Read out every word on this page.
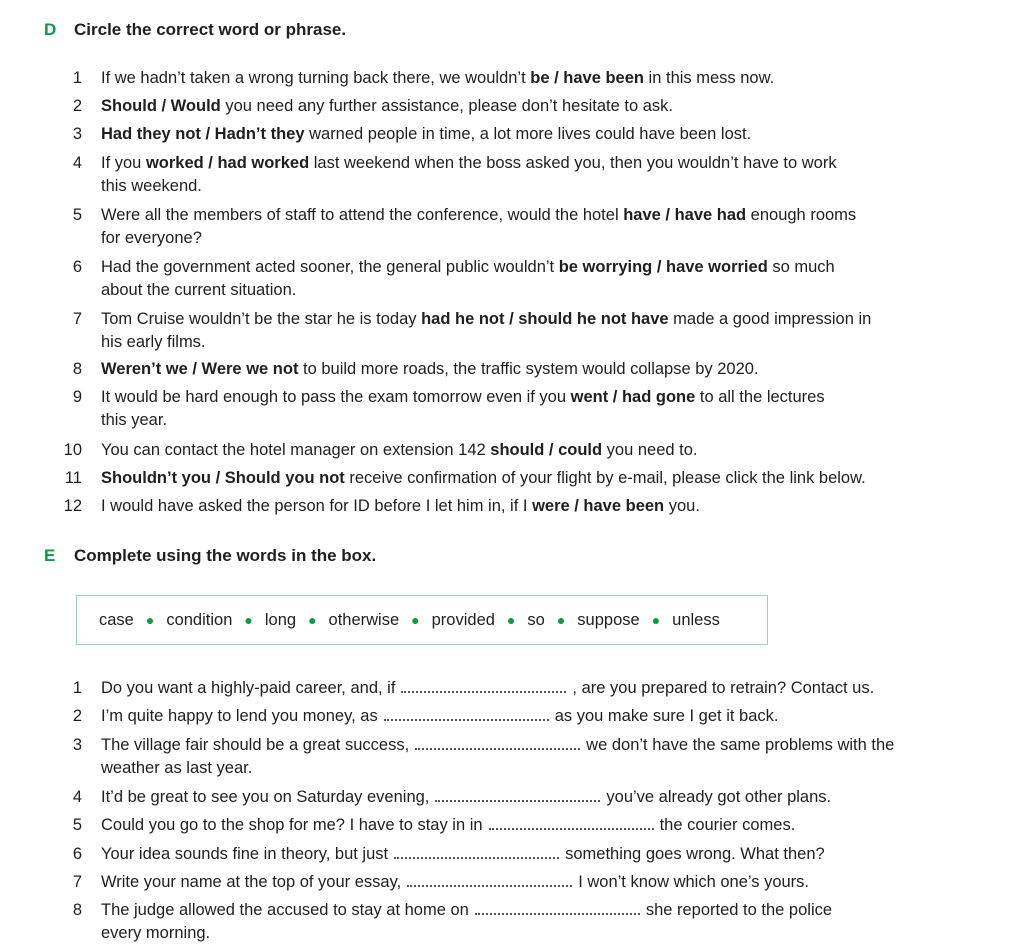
D Circle the correct word or phrase.
1 If we hadn’t taken a wrong turning back there, we wouldn’t be / have been in this mess now.
2 Should / Would you need any further assistance, please don’t hesitate to ask.
3 Had they not / Hadn’t they warned people in time, a lot more lives could have been lost.
4 If you worked / had worked last weekend when the boss asked you, then you wouldn’t have to work
this weekend.
5 Were all the members of staff to attend the conference, would the hotel have / have had enough rooms
for everyone?
6 Had the government acted sooner, the general public wouldn’t be worrying / have worried so much
about the current situation.
7 Tom Cruise wouldn’t be the star he is today had he not / should he not have made a good impression in
his early films.
8 Weren’t we / Were we not to build more roads, the traffic system would collapse by 2020.
9 It would be hard enough to pass the exam tomorrow even if you went / had gone to all the lectures
this year.
10 You can contact the hotel manager on extension 142 should / could you need to.
11 Shouldn’t you / Should you not receive confirmation of your flight by e-mail, please click the link below.
12 I would have asked the person for ID before I let him in, if I were / have been you.
E Complete using the words in the box.
case ● condition ● long ● otherwise ● provided ● so ● suppose ● unless
1 Do you want a highly-paid career, and, if	, are you prepared to retrain? Contact us.
2 I’m quite happy to lend you money, as	as you make sure I get it back.
3 The village fair should be a great success,	we don’t have the same problems with the
weather as last year.
4 It’d be great to see you on Saturday evening,	you’ve already got other plans.
5 Could you go to the shop for me? I have to stay in in	the courier comes.
6 Your idea sounds fine in theory, but just	something goes wrong. What then?
7 Write your name at the top of your essay,	I won’t know which one’s yours.
8 The judge allowed the accused to stay at home on	she reported to the police
every morning.
